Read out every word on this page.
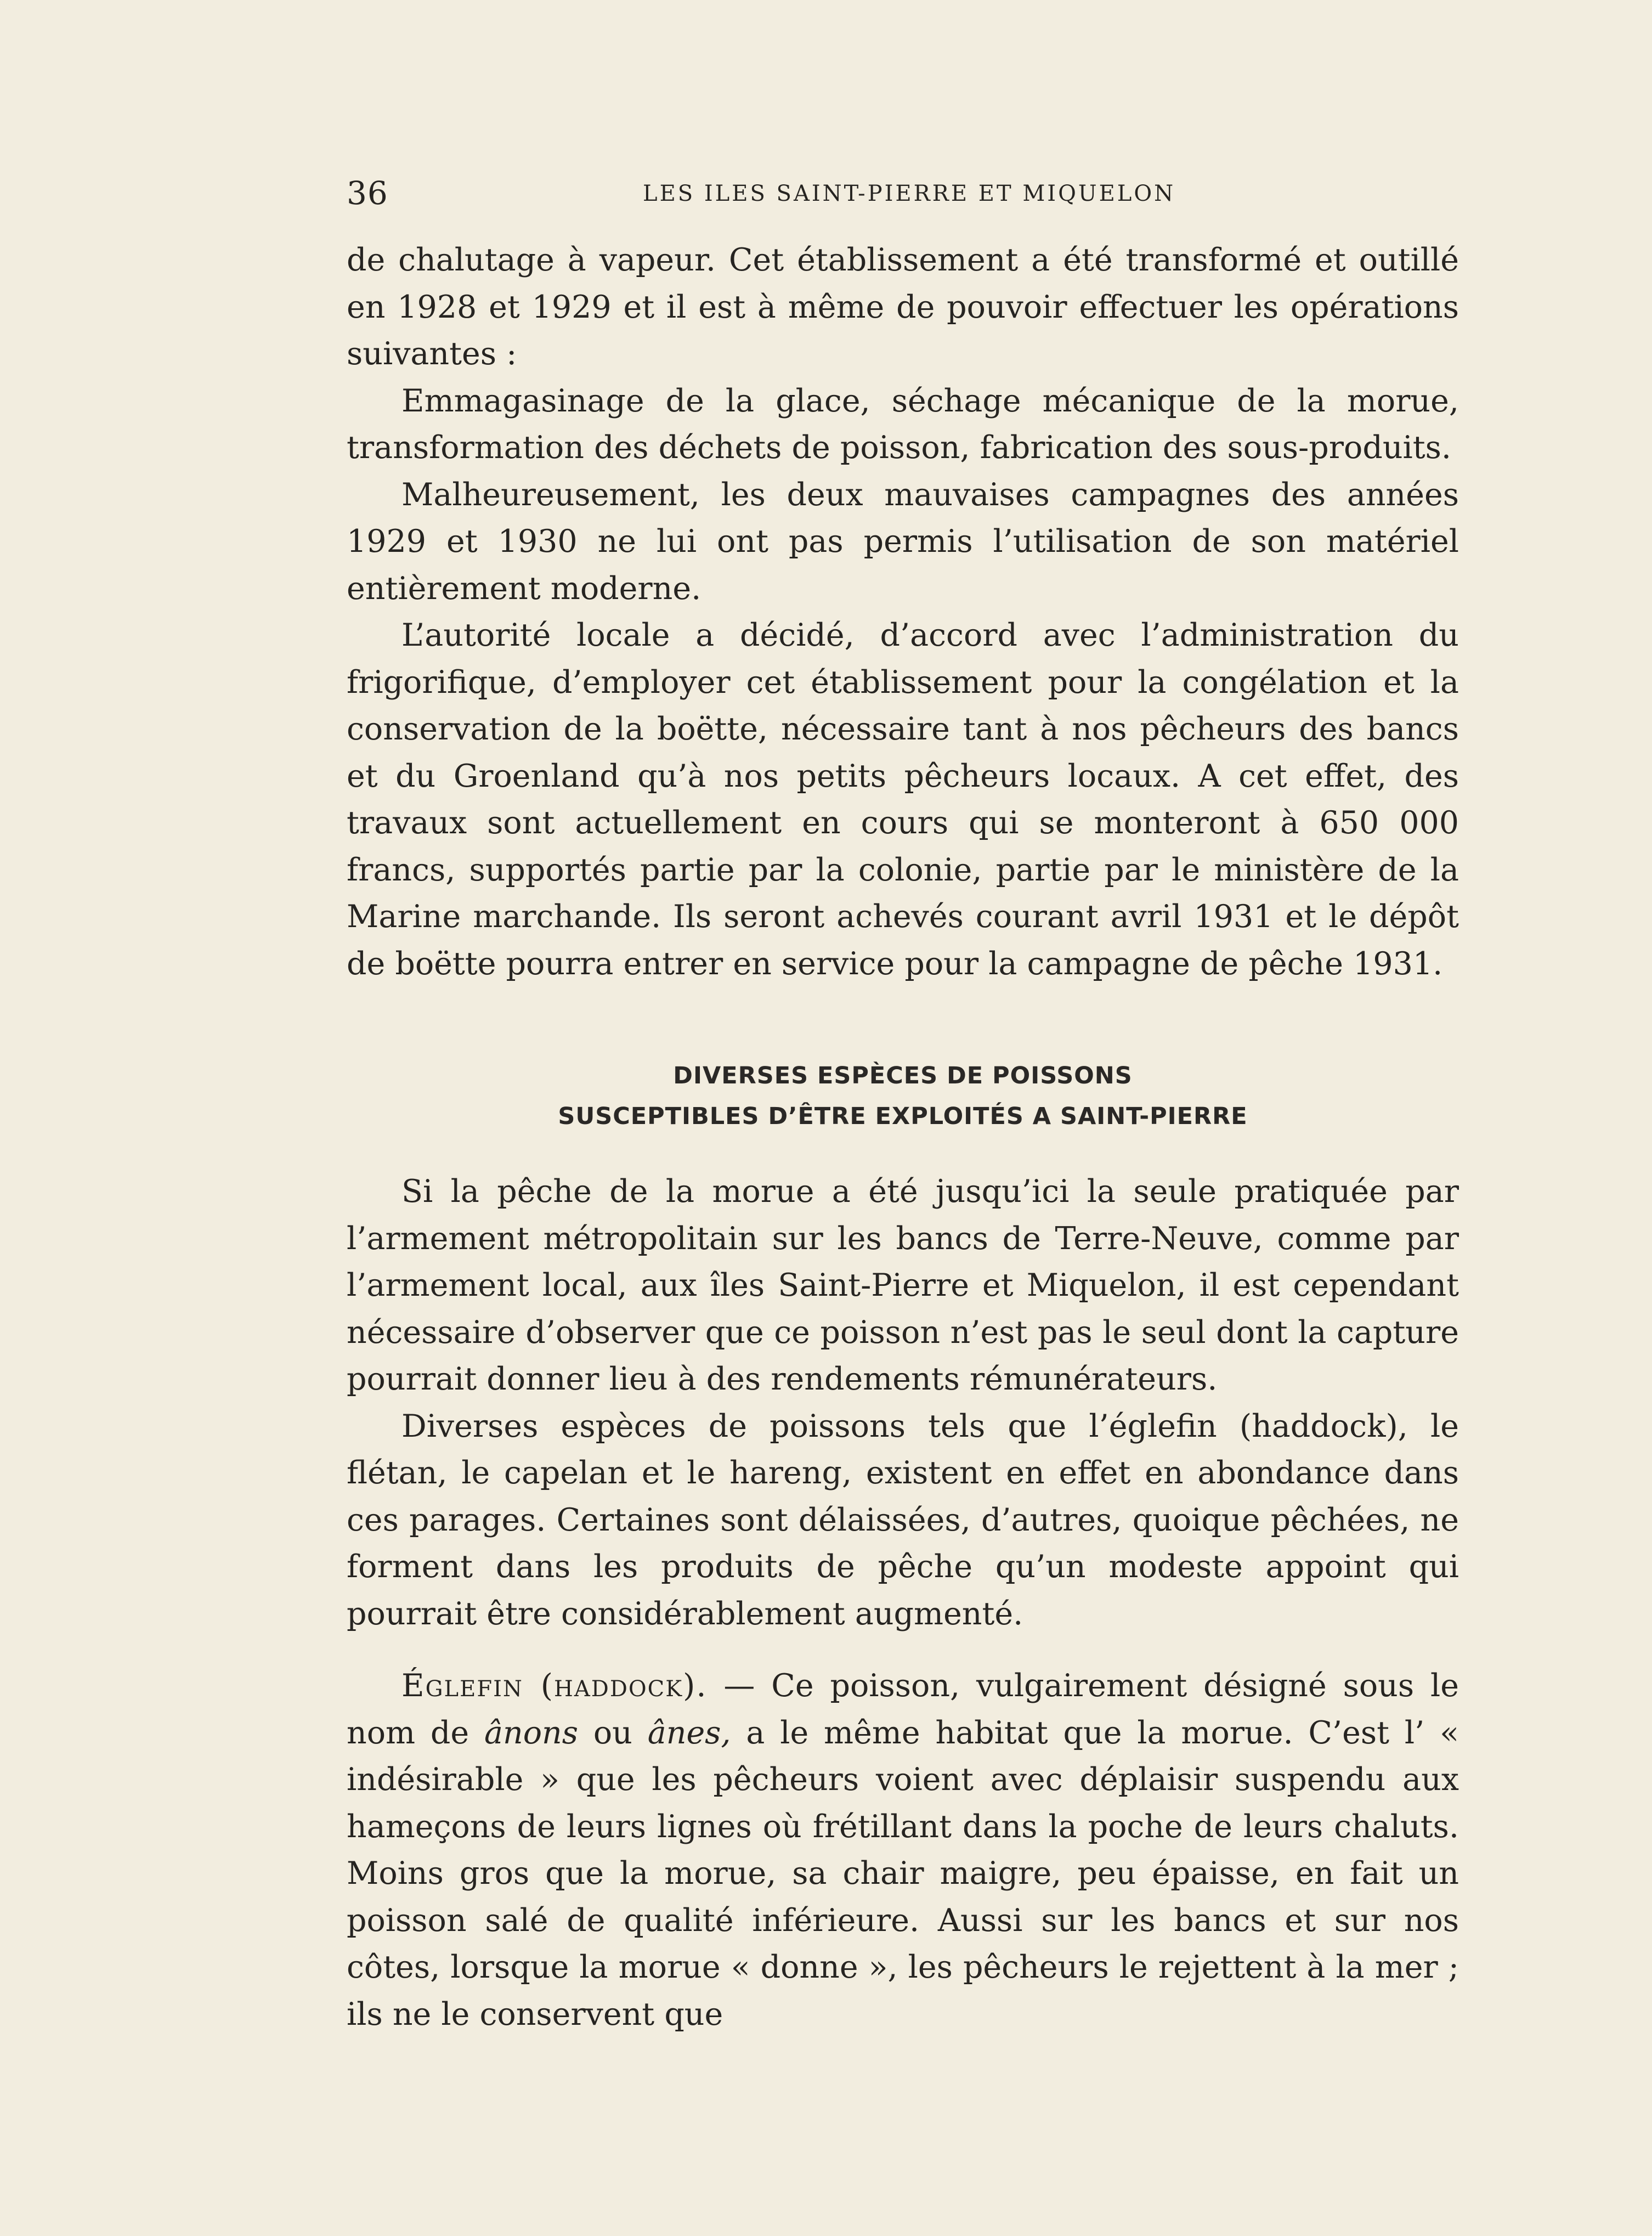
36	LES ILES SAINT-PIERRE ET MIQUELON

de chalutage à vapeur. Cet établissement a été transformé et outillé en 1928 et 1929 et il est à même de pouvoir effectuer les opérations suivantes :

Emmagasinage de la glace, séchage mécanique de la morue, transformation des déchets de poisson, fabrication des sous-produits.

Malheureusement, les deux mauvaises campagnes des années 1929 et 1930 ne lui ont pas permis l’utilisation de son matériel entièrement moderne.

L’autorité locale a décidé, d’accord avec l’administration du frigorifique, d’employer cet établissement pour la congélation et la conservation de la boëtte, nécessaire tant à nos pêcheurs des bancs et du Groenland qu’à nos petits pêcheurs locaux. A cet effet, des travaux sont actuellement en cours qui se monteront à 650 000 francs, supportés partie par la colonie, partie par le ministère de la Marine marchande. Ils seront achevés courant avril 1931 et le dépôt de boëtte pourra entrer en service pour la campagne de pêche 1931.

DIVERSES ESPÈCES DE POISSONS
SUSCEPTIBLES D’ÊTRE EXPLOITÉS A SAINT-PIERRE

Si la pêche de la morue a été jusqu’ici la seule pratiquée par l’armement métropolitain sur les bancs de Terre-Neuve, comme par l’armement local, aux îles Saint-Pierre et Miquelon, il est cependant nécessaire d’observer que ce poisson n’est pas le seul dont la capture pourrait donner lieu à des rendements rémunérateurs.

Diverses espèces de poissons tels que l’églefin (haddock), le flétan, le capelan et le hareng, existent en effet en abondance dans ces parages. Certaines sont délaissées, d’autres, quoique pêchées, ne forment dans les produits de pêche qu’un modeste appoint qui pourrait être considérablement augmenté.

Églefin (haddock). — Ce poisson, vulgairement désigné sous le nom de ânons ou ânes, a le même habitat que la morue. C’est l’ « indésirable » que les pêcheurs voient avec déplaisir suspendu aux hameçons de leurs lignes où frétillant dans la poche de leurs chaluts. Moins gros que la morue, sa chair maigre, peu épaisse, en fait un poisson salé de qualité inférieure. Aussi sur les bancs et sur nos côtes, lorsque la morue « donne », les pêcheurs le rejettent à la mer ; ils ne le conservent que
